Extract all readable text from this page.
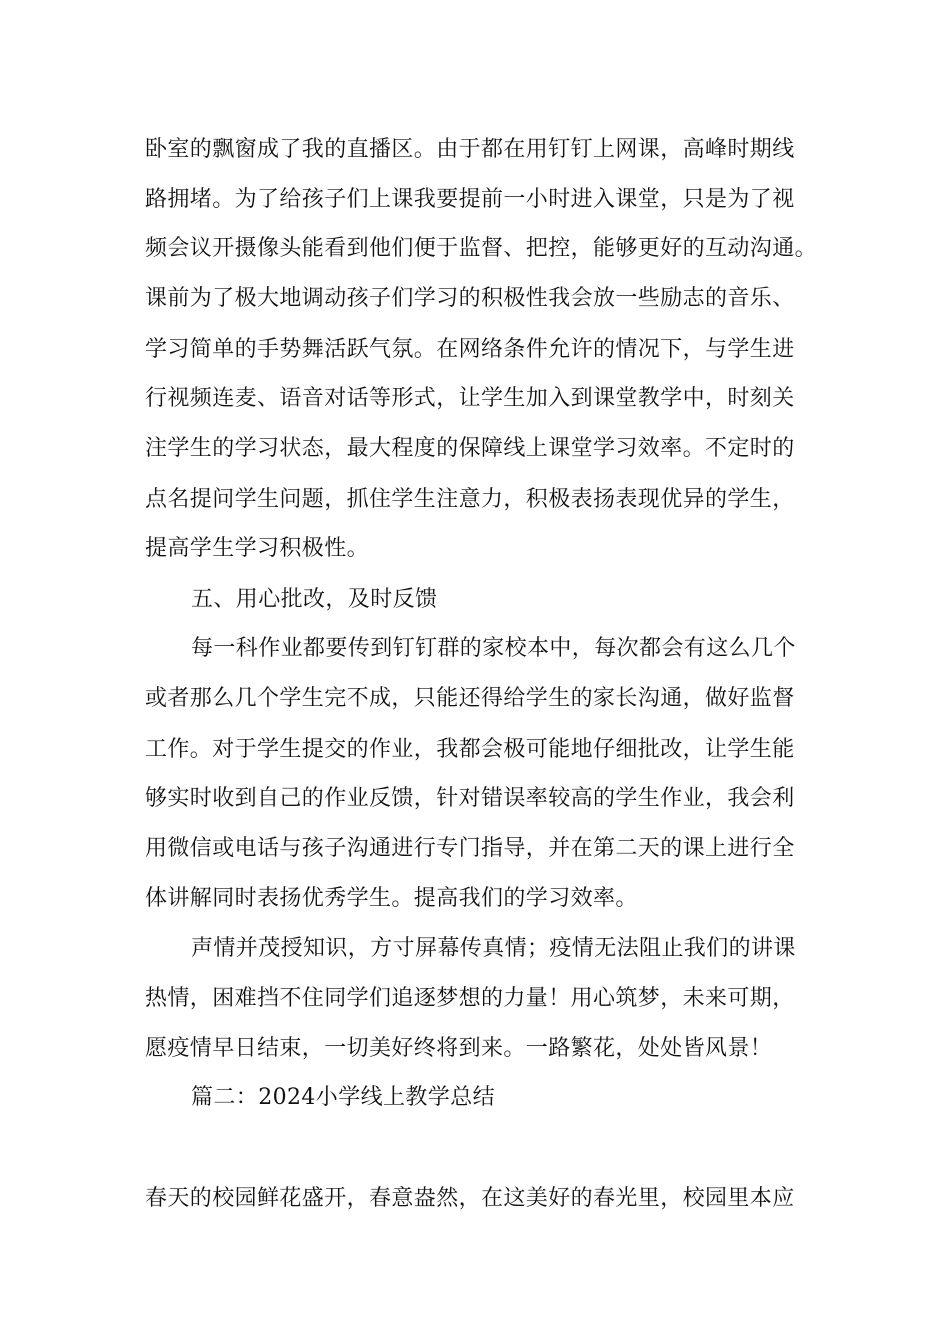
卧室的飘窗成了我的直播区。由于都在用钉钉上网课，高峰时期线
路拥堵。为了给孩子们上课我要提前一小时进入课堂，只是为了视
频会议开摄像头能看到他们便于监督、把控，能够更好的互动沟通。
课前为了极大地调动孩子们学习的积极性我会放一些励志的音乐、
学习简单的手势舞活跃气氛。在网络条件允许的情况下，与学生进
行视频连麦、语音对话等形式，让学生加入到课堂教学中，时刻关
注学生的学习状态，最大程度的保障线上课堂学习效率。不定时的
点名提问学生问题，抓住学生注意力，积极表扬表现优异的学生，
提高学生学习积极性。
五、用心批改，及时反馈
每一科作业都要传到钉钉群的家校本中，每次都会有这么几个
或者那么几个学生完不成，只能还得给学生的家长沟通，做好监督
工作。对于学生提交的作业，我都会极可能地仔细批改，让学生能
够实时收到自己的作业反馈，针对错误率较高的学生作业，我会利
用微信或电话与孩子沟通进行专门指导，并在第二天的课上进行全
体讲解同时表扬优秀学生。提高我们的学习效率。
声情并茂授知识，方寸屏幕传真情；疫情无法阻止我们的讲课
热情，困难挡不住同学们追逐梦想的力量！用心筑梦，未来可期，
愿疫情早日结束，一切美好终将到来。一路繁花，处处皆风景！
篇二：2024小学线上教学总结
春天的校园鲜花盛开，春意盎然，在这美好的春光里，校园里本应
